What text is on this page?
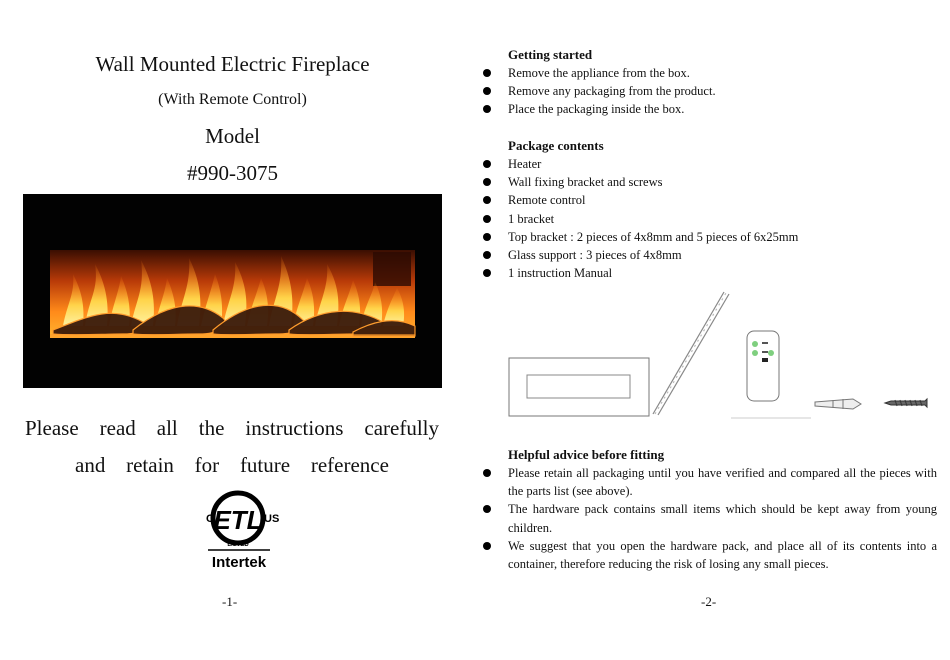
Wall Mounted Electric Fireplace
(With Remote Control)
Model
#990-3075
Please read all the instructions carefully
and retain for future reference
ETL
C	US
LISTED
Intertek
-1-
Getting started
Remove the appliance from the box.
Remove any packaging from the product.
Place the packaging inside the box.
Package contents
Heater
Wall fixing bracket and screws
Remote control
1 bracket
Top bracket : 2 pieces of 4x8mm and 5 pieces of 6x25mm
Glass support : 3 pieces of 4x8mm
1 instruction Manual
Helpful advice before fitting
Please retain all packaging until you have verified and compared all the pieces with the parts list (see above).
The hardware pack contains small items which should be kept away from young children.
We suggest that you open the hardware pack, and place all of its contents into a container, therefore reducing the risk of losing any small pieces.
-2-
